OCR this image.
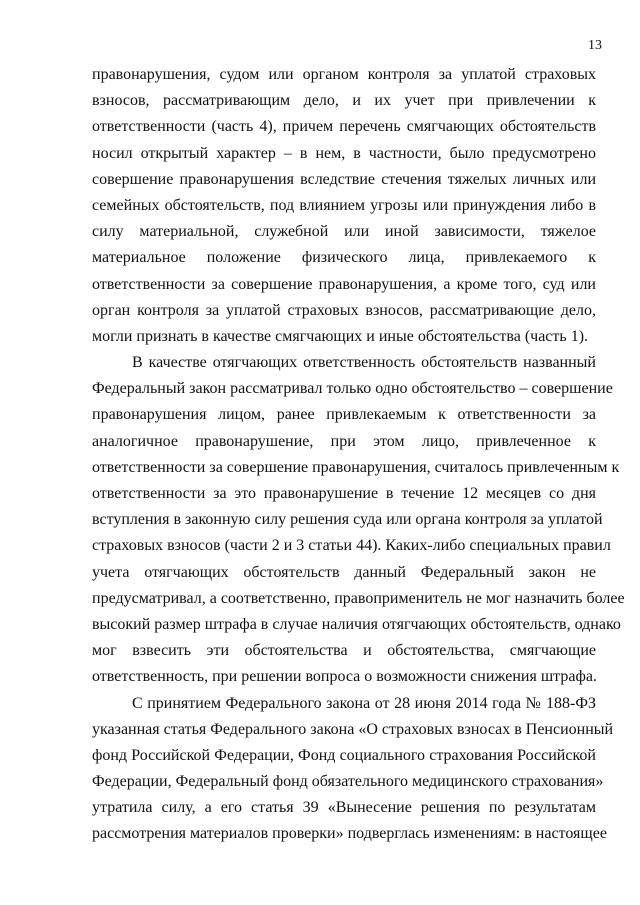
13
правонарушения, судом или органом контроля за уплатой страховых
взносов, рассматривающим дело, и их учет при привлечении к
ответственности (часть 4), причем перечень смягчающих обстоятельств
носил открытый характер – в нем, в частности, было предусмотрено
совершение правонарушения вследствие стечения тяжелых личных или
семейных обстоятельств, под влиянием угрозы или принуждения либо в
силу материальной, служебной или иной зависимости, тяжелое
материальное положение физического лица, привлекаемого к
ответственности за совершение правонарушения, а кроме того, суд или
орган контроля за уплатой страховых взносов, рассматривающие дело,
могли признать в качестве смягчающих и иные обстоятельства (часть 1).
В качестве отягчающих ответственность обстоятельств названный
Федеральный закон рассматривал только одно обстоятельство – совершение
правонарушения лицом, ранее привлекаемым к ответственности за
аналогичное правонарушение, при этом лицо, привлеченное к
ответственности за совершение правонарушения, считалось привлеченным к
ответственности за это правонарушение в течение 12 месяцев со дня
вступления в законную силу решения суда или органа контроля за уплатой
страховых взносов (части 2 и 3 статьи 44). Каких-либо специальных правил
учета отягчающих обстоятельств данный Федеральный закон не
предусматривал, а соответственно, правоприменитель не мог назначить более
высокий размер штрафа в случае наличия отягчающих обстоятельств, однако
мог взвесить эти обстоятельства и обстоятельства, смягчающие
ответственность, при решении вопроса о возможности снижения штрафа.
С принятием Федерального закона от 28 июня 2014 года № 188-ФЗ
указанная статья Федерального закона «О страховых взносах в Пенсионный
фонд Российской Федерации, Фонд социального страхования Российской
Федерации, Федеральный фонд обязательного медицинского страхования»
утратила силу, а его статья 39 «Вынесение решения по результатам
рассмотрения материалов проверки» подверглась изменениям: в настоящее
